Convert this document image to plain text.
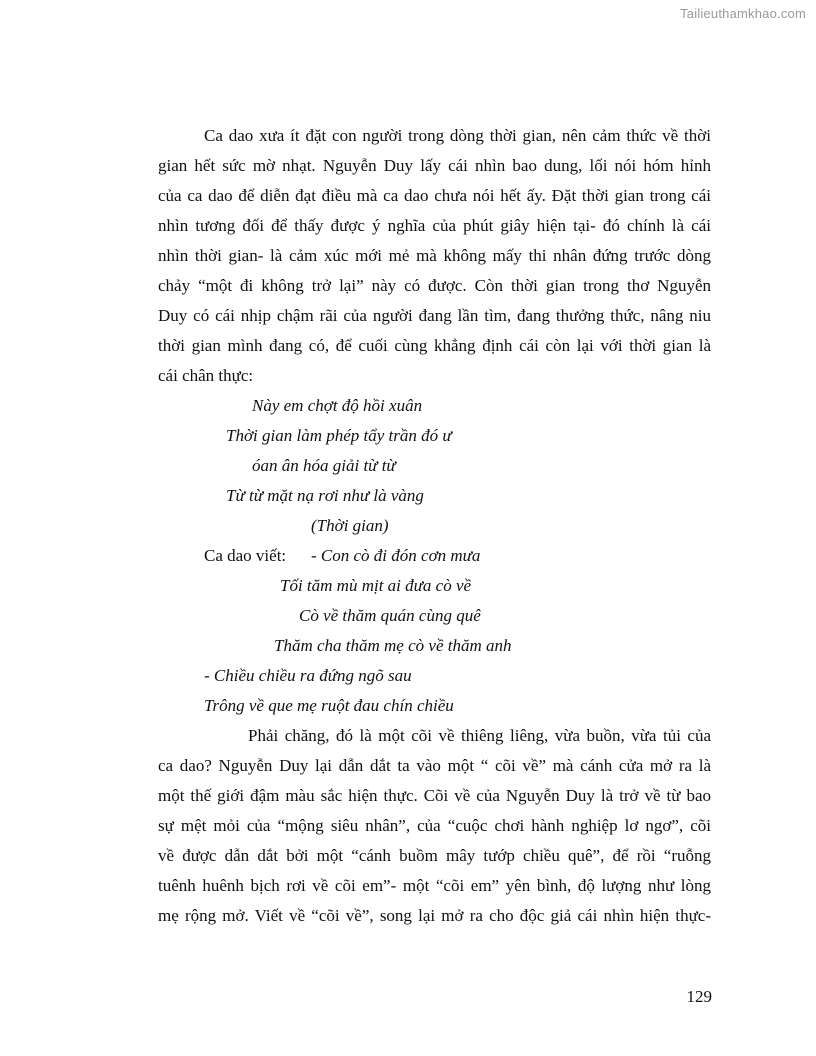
Tailieuthamkhao.com
Ca dao xưa ít đặt con người trong dòng thời gian, nên cảm thức về thời
gian hết sức mờ nhạt. Nguyễn Duy lấy cái nhìn bao dung, lối nói hóm hỉnh
của ca dao để diễn đạt điều mà ca dao chưa nói hết ấy. Đặt thời gian trong cái
nhìn tương đối để thấy được ý nghĩa của phút giây hiện tại- đó chính là cái
nhìn thời gian- là cảm xúc mới mẻ mà không mấy thi nhân đứng trước dòng
chảy “một đi không trở lại” này có được. Còn thời gian trong thơ Nguyễn
Duy có cái nhịp chậm rãi của người đang lần tìm, đang thưởng thức, nâng niu
thời gian mình đang có, để cuối cùng khẳng định cái còn lại với thời gian là
cái chân thực:
Này em chợt độ hồi xuân
Thời gian làm phép tẩy trần đó ư
óan ân hóa giải từ từ
Từ từ mặt nạ rơi như là vàng
(Thời gian)
Ca dao viết: - Con cò đi đón cơn mưa
Tối tăm mù mịt ai đưa cò về
Cò về thăm quán cùng quê
Thăm cha thăm mẹ cò về thăm anh
- Chiều chiều ra đứng ngõ sau
Trông về que mẹ ruột đau chín chiều
Phải chăng, đó là một cõi về thiêng liêng, vừa buồn, vừa tủi của
ca dao? Nguyễn Duy lại dẫn dắt ta vào một “ cõi về” mà cánh cửa mở ra là
một thế giới đậm màu sắc hiện thực. Cõi về của Nguyễn Duy là trở về từ bao
sự mệt mỏi của “mộng siêu nhân”, của “cuộc chơi hành nghiệp lơ ngơ”, cõi
về được dẫn dắt bởi một “cánh buồm mây tướp chiều quê”, để rồi “ruỗng
tuênh huênh bịch rơi về cõi em”- một “cõi em” yên bình, độ lượng như lòng
mẹ rộng mở. Viết về “cõi về”, song lại mở ra cho độc giả cái nhìn hiện thực-
129
